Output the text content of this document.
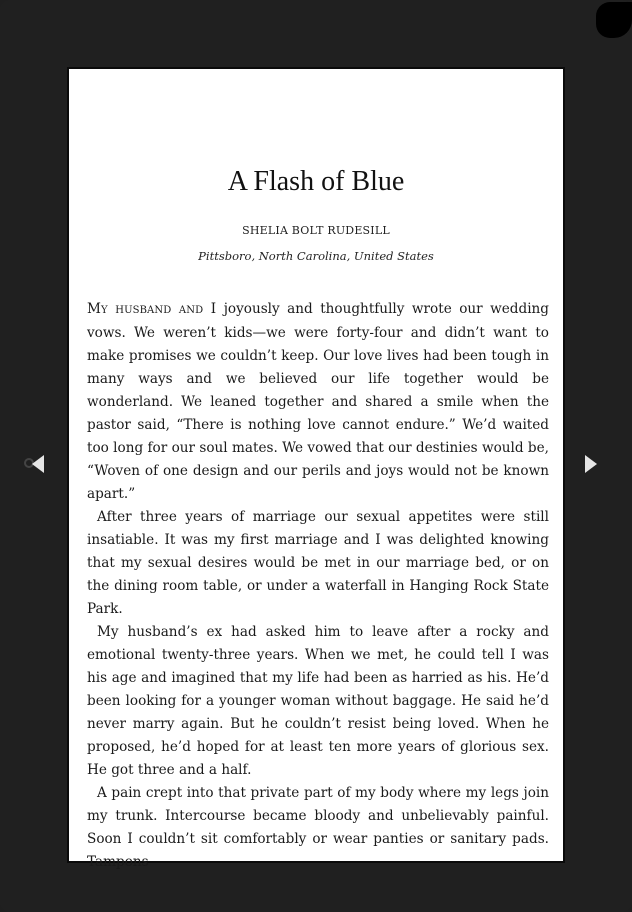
A Flash of Blue
SHELIA BOLT RUDESILL
Pittsboro, North Carolina, United States

My husband and I joyously and thoughtfully wrote our wedding vows. We weren’t kids—we were forty-four and didn’t want to make promises we couldn’t keep. Our love lives had been tough in many ways and we believed our life together would be wonderland. We leaned together and shared a smile when the pastor said, “There is nothing love cannot endure.” We’d waited too long for our soul mates. We vowed that our destinies would be, “Woven of one design and our perils and joys would not be known apart.”

After three years of marriage our sexual appetites were still insatiable. It was my first marriage and I was delighted knowing that my sexual desires would be met in our marriage bed, or on the dining room table, or under a waterfall in Hanging Rock State Park.

My husband’s ex had asked him to leave after a rocky and emotional twenty-three years. When we met, he could tell I was his age and imagined that my life had been as harried as his. He’d been looking for a younger woman without baggage. He said he’d never marry again. But he couldn’t resist being loved. When he proposed, he’d hoped for at least ten more years of glorious sex. He got three and a half.

A pain crept into that private part of my body where my legs join my trunk. Intercourse became bloody and unbelievably painful. Soon I couldn’t sit comfortably or wear panties or sanitary pads. Tampons
